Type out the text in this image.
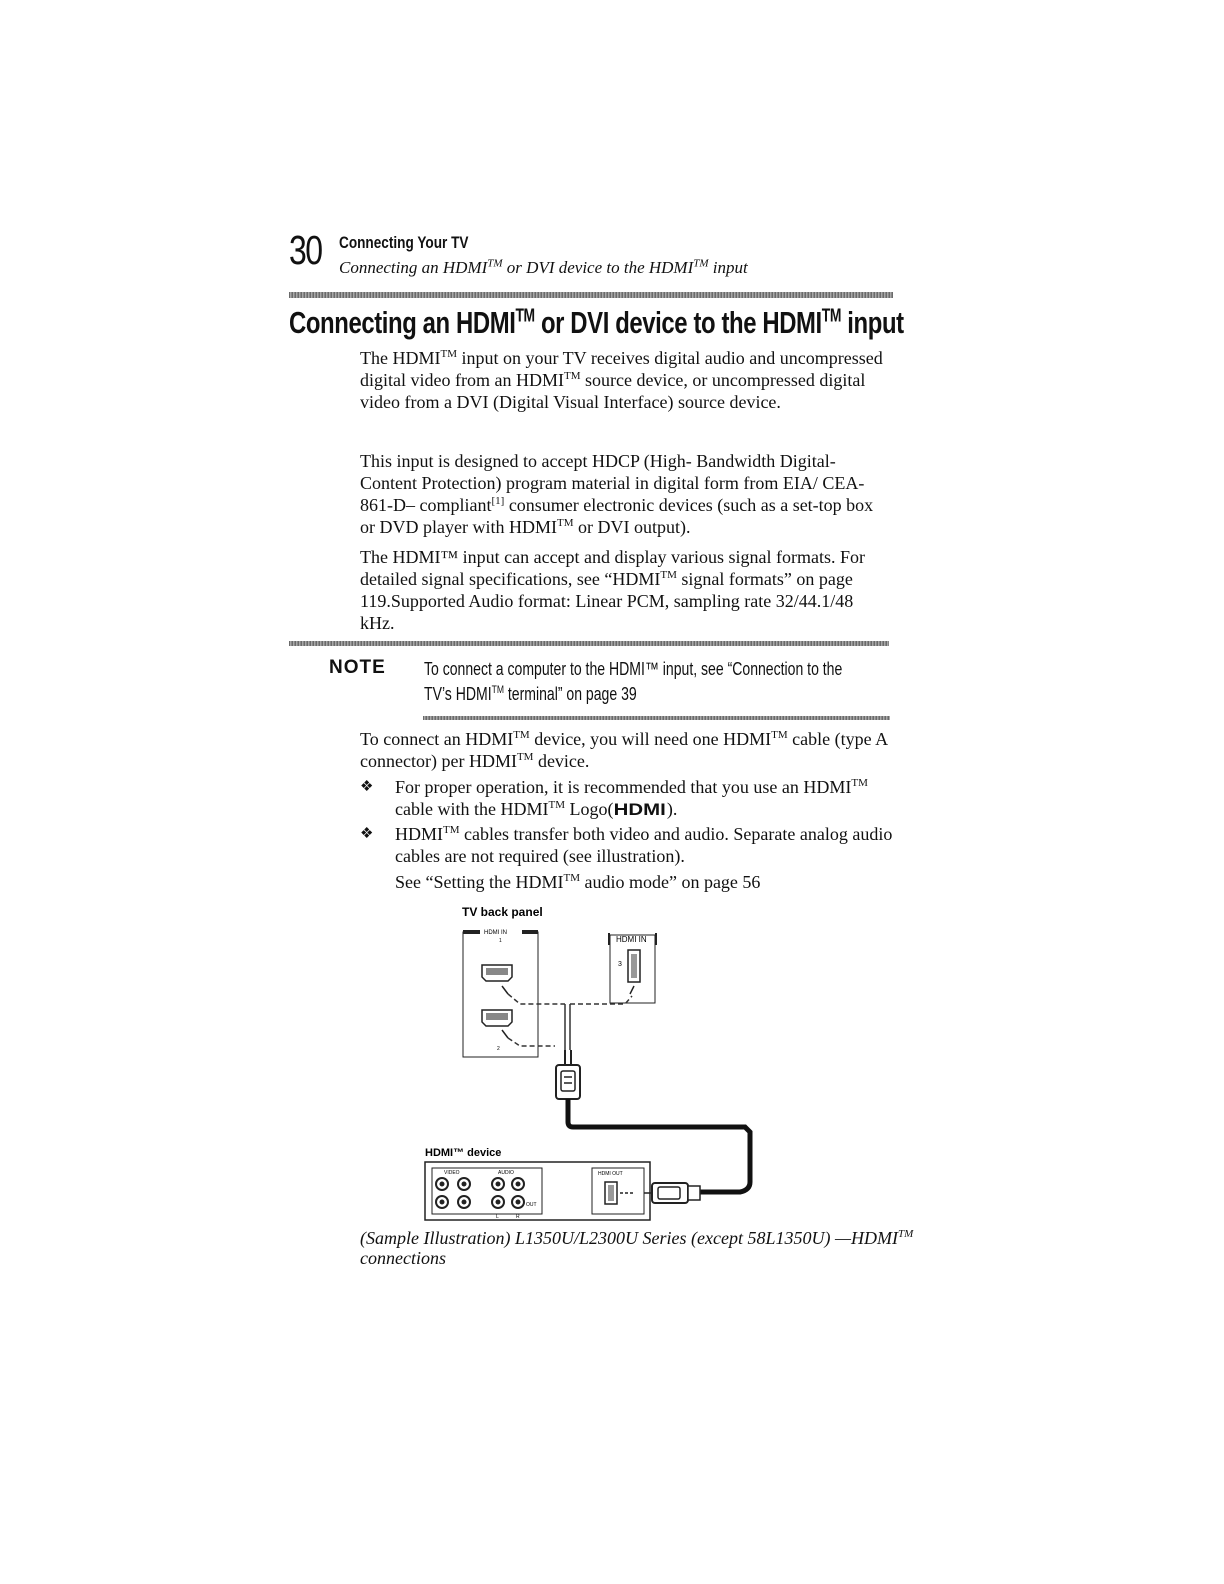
30 Connecting Your TV
Connecting an HDMI™ or DVI device to the HDMI™ input
Connecting an HDMI™ or DVI device to the HDMI™ input

The HDMI™ input on your TV receives digital audio and uncompressed digital video from an HDMI™ source device, or uncompressed digital video from a DVI (Digital Visual Interface) source device.

This input is designed to accept HDCP (High- Bandwidth Digital-Content Protection) program material in digital form from EIA/ CEA-861-D– compliant[1] consumer electronic devices (such as a set-top box or DVD player with HDMI™ or DVI output).

The HDMI™ input can accept and display various signal formats. For detailed signal specifications, see “HDMI™ signal formats” on page 119.Supported Audio format: Linear PCM, sampling rate 32/44.1/48 kHz.

NOTE To connect a computer to the HDMI™ input, see “Connection to the TV’s HDMI™ terminal” on page 39
To connect an HDMI™ device, you will need one HDMI™ cable (type A connector) per HDMI™ device.
❖ For proper operation, it is recommended that you use an HDMI™ cable with the HDMI™ Logo(HDMI).
❖ HDMI™ cables transfer both video and audio. Separate analog audio cables are not required (see illustration).
See “Setting the HDMI™ audio mode” on page 56
TV back panel
HDMI IN
1
2
HDMI IN
3
HDMI™ device
VIDEO	AUDIO
OUT
L	R
HDMI OUT
(Sample Illustration) L1350U/L2300U Series (except 58L1350U) —HDMI™ connections
